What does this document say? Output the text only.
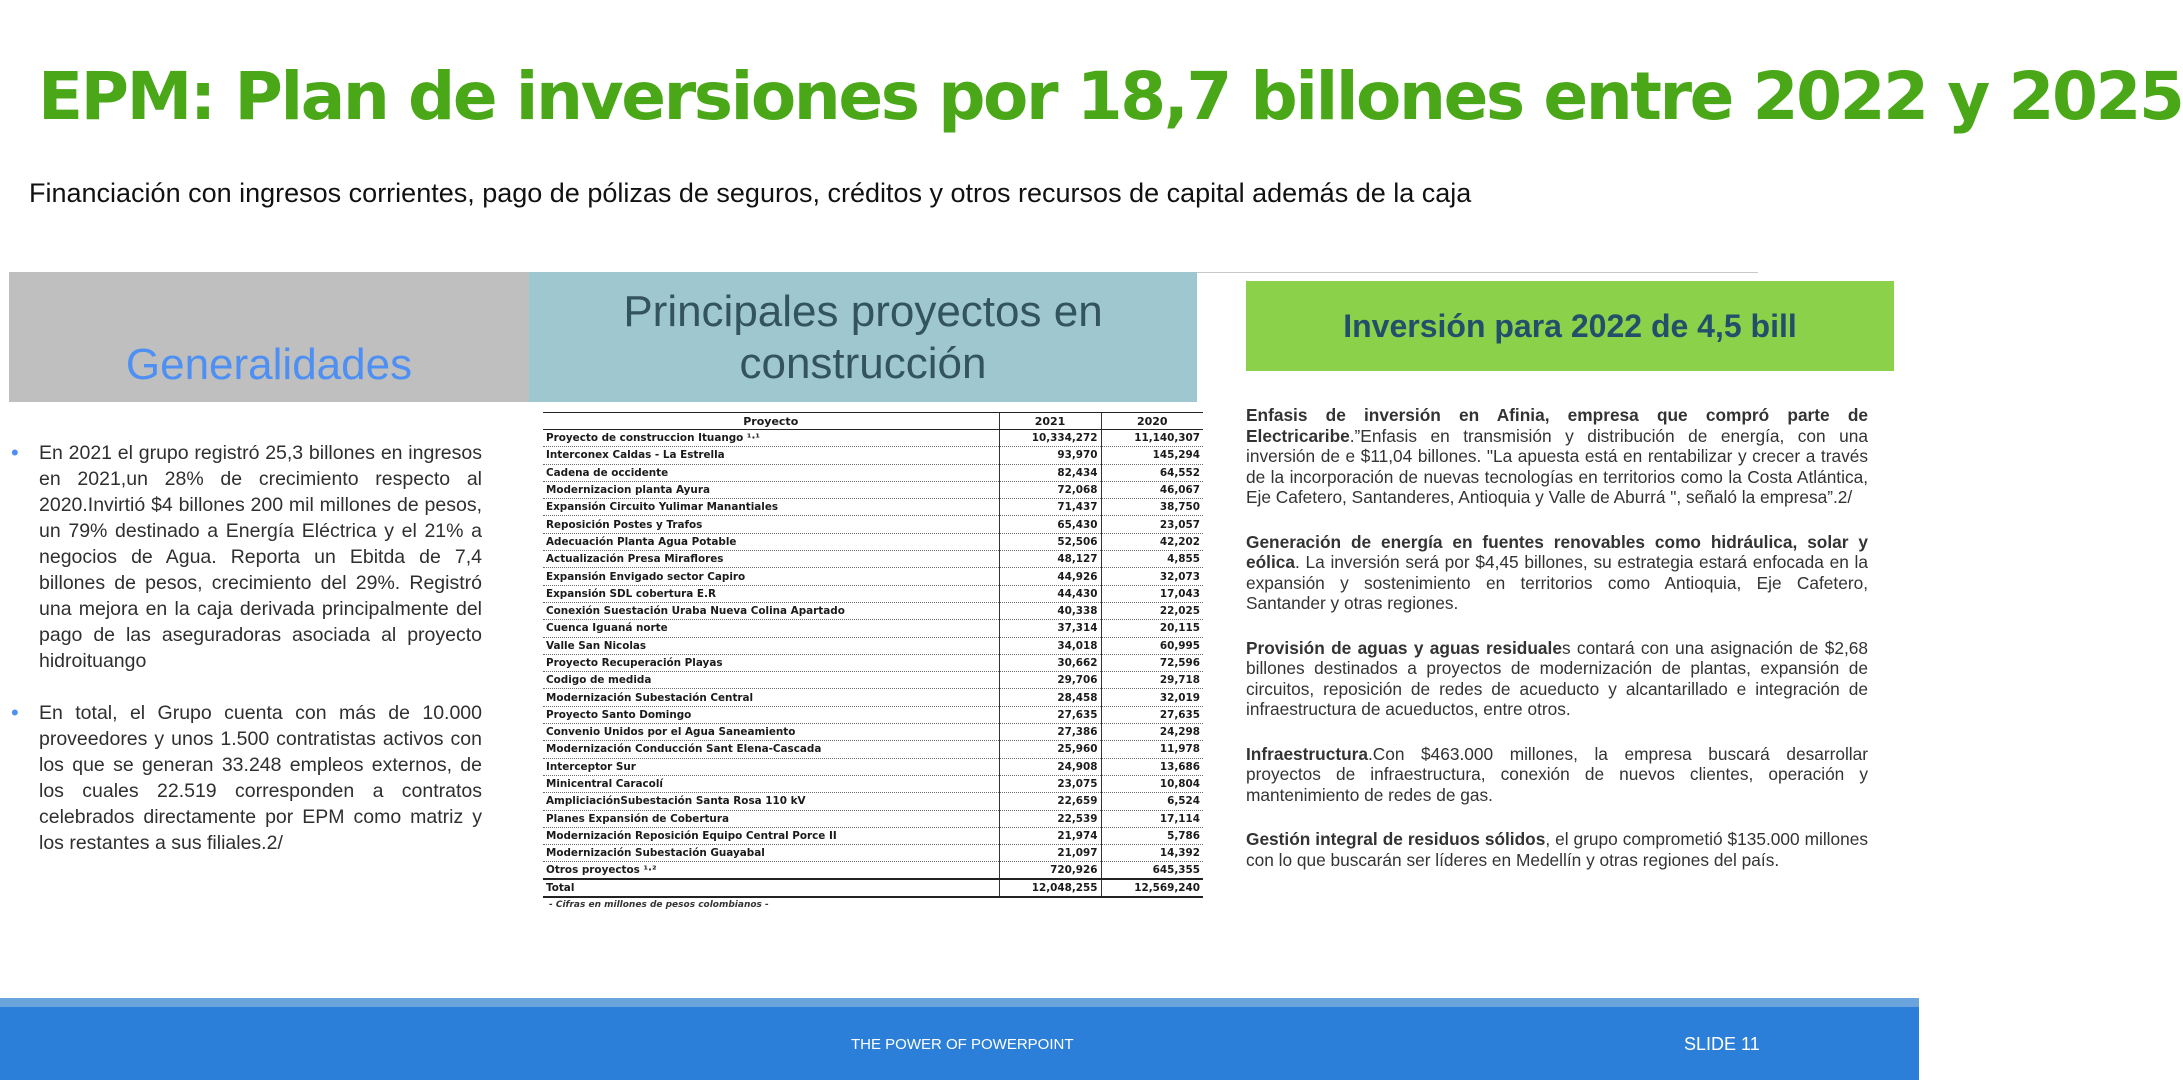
EPM: Plan de inversiones por 18,7 billones entre 2022 y 2025
Financiación con ingresos corrientes, pago de pólizas de seguros, créditos y otros recursos de capital además de la caja
Generalidades
Principales proyectos en construcción
Inversión para 2022 de 4,5 bill
• En 2021 el grupo registró 25,3 billones en ingresos en 2021,un 28% de crecimiento respecto al 2020.Invirtió $4 billones 200 mil millones de pesos, un 79% destinado a Energía Eléctrica y el 21% a negocios de Agua. Reporta un Ebitda de 7,4 billones de pesos, crecimiento del 29%. Registró una mejora en la caja derivada principalmente del pago de las aseguradoras asociada al proyecto hidroituango
• En total, el Grupo cuenta con más de 10.000 proveedores y unos 1.500 contratistas activos con los que se generan 33.248 empleos externos, de los cuales 22.519 corresponden a contratos celebrados directamente por EPM como matriz y los restantes a sus filiales.2/
Proyecto	2021	2020
Proyecto de construccion Ituango ¹·¹	10,334,272	11,140,307
Interconex Caldas - La Estrella	93,970	145,294
Cadena de occidente	82,434	64,552
Modernizacion planta Ayura	72,068	46,067
Expansión Circuito Yulimar Manantiales	71,437	38,750
Reposición Postes y Trafos	65,430	23,057
Adecuación Planta Agua Potable	52,506	42,202
Actualización Presa Miraflores	48,127	4,855
Expansión Envigado sector Capiro	44,926	32,073
Expansión SDL cobertura E.R	44,430	17,043
Conexión Suestación Uraba Nueva Colina Apartado	40,338	22,025
Cuenca Iguaná norte	37,314	20,115
Valle San Nicolas	34,018	60,995
Proyecto Recuperación Playas	30,662	72,596
Codigo de medida	29,706	29,718
Modernización Subestación Central	28,458	32,019
Proyecto Santo Domingo	27,635	27,635
Convenio Unidos por el Agua Saneamiento	27,386	24,298
Modernización Conducción Sant Elena-Cascada	25,960	11,978
Interceptor Sur	24,908	13,686
Minicentral Caracolí	23,075	10,804
AmpliciaciónSubestación Santa Rosa 110 kV	22,659	6,524
Planes Expansión de Cobertura	22,539	17,114
Modernización Reposición Equipo Central Porce II	21,974	5,786
Modernización Subestación Guayabal	21,097	14,392
Otros proyectos ¹·²	720,926	645,355
Total	12,048,255	12,569,240
- Cifras en millones de pesos colombianos -

Enfasis de inversión en Afinia, empresa que compró parte de Electricaribe.”Enfasis en transmisión y distribución de energía, con una inversión de e $11,04 billones. "La apuesta está en rentabilizar y crecer a través de la incorporación de nuevas tecnologías en territorios como la Costa Atlántica, Eje Cafetero, Santanderes, Antioquia y Valle de Aburrá ", señaló la empresa”.2/

Generación de energía en fuentes renovables como hidráulica, solar y eólica. La inversión será por $4,45 billones, su estrategia estará enfocada en la expansión y sostenimiento en territorios como Antioquia, Eje Cafetero, Santander y otras regiones.

Provisión de aguas y aguas residuales contará con una asignación de $2,68 billones destinados a proyectos de modernización de plantas, expansión de circuitos, reposición de redes de acueducto y alcantarillado e integración de infraestructura de acueductos, entre otros.

Infraestructura.Con $463.000 millones, la empresa buscará desarrollar proyectos de infraestructura, conexión de nuevos clientes, operación y mantenimiento de redes de gas.

Gestión integral de residuos sólidos, el grupo comprometió $135.000 millones con lo que buscarán ser líderes en Medellín y otras regiones del país.

THE POWER OF POWERPOINT	SLIDE 11
